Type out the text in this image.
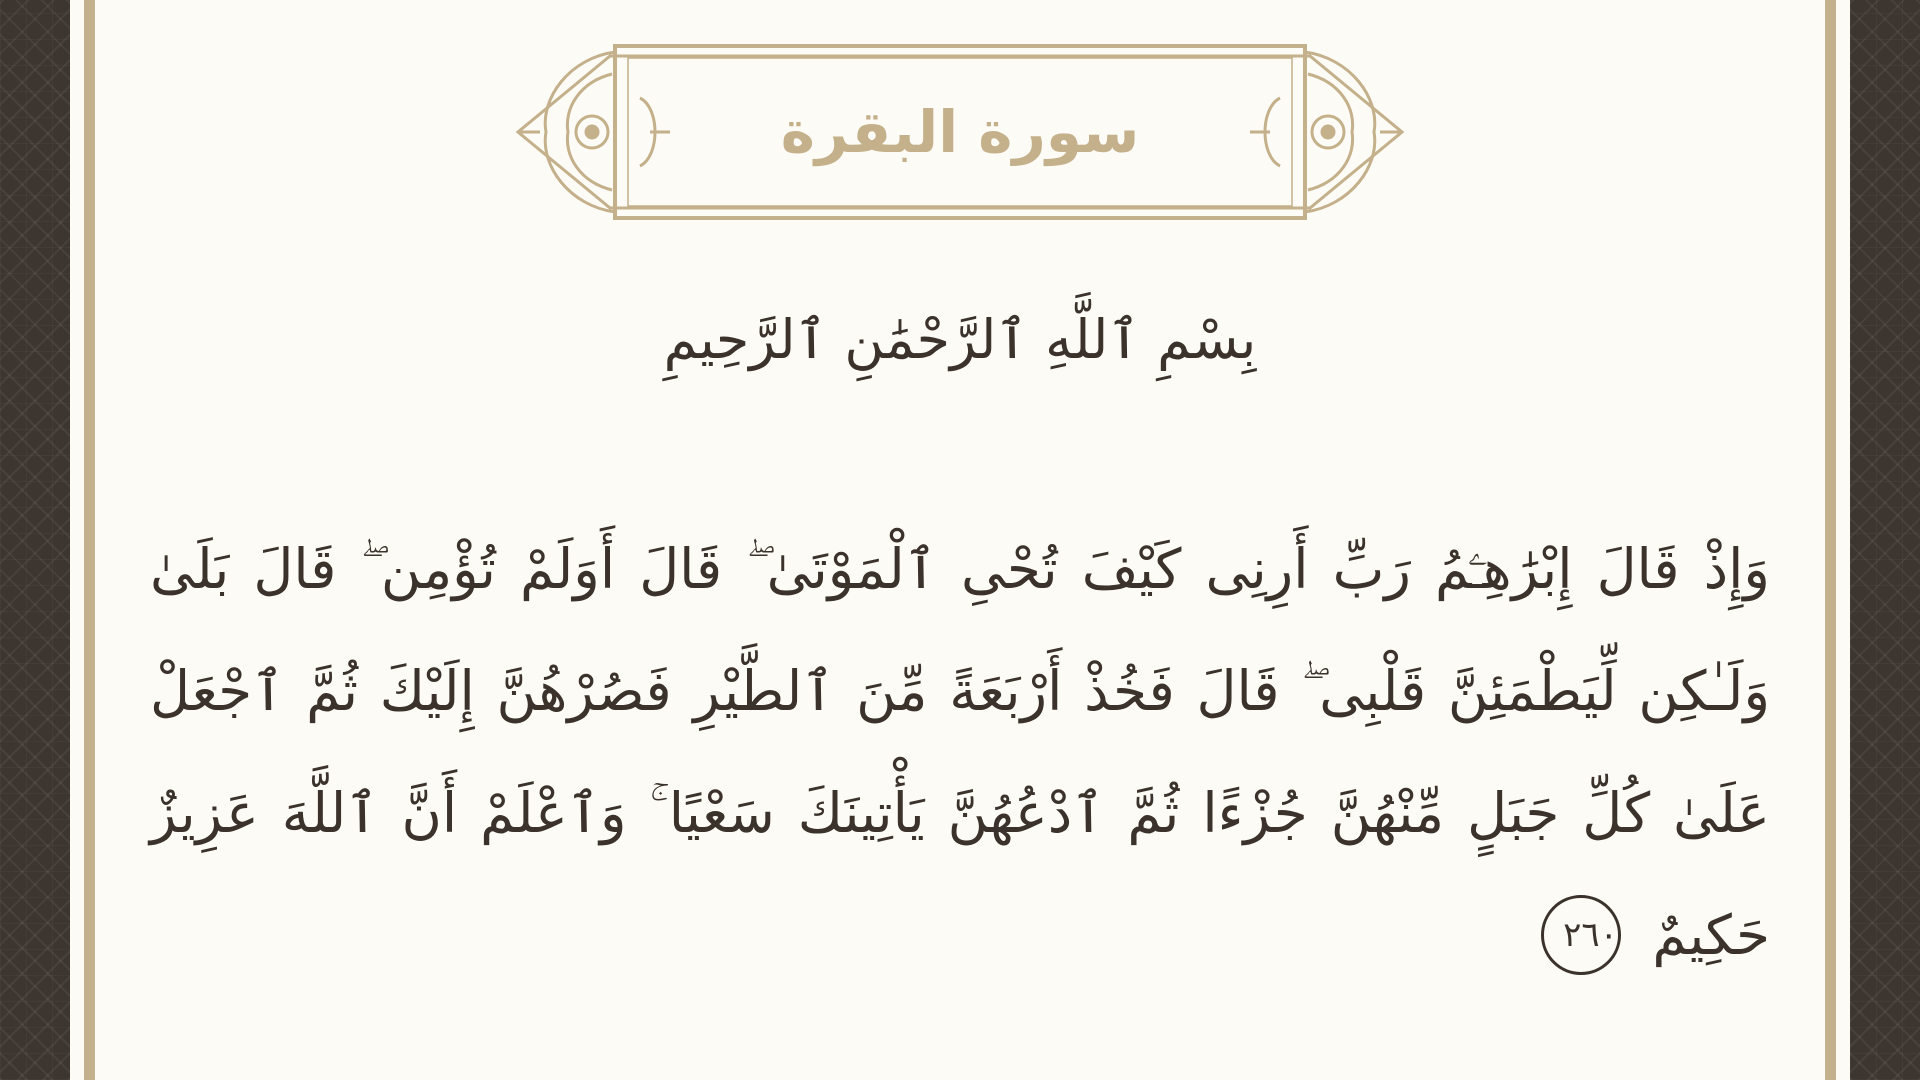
سورة البقرة
بِسْمِ ٱللَّهِ ٱلرَّحْمَٰنِ ٱلرَّحِيمِ
وَإِذْ قَالَ إِبْرَٰهِـۧمُ رَبِّ أَرِنِى كَيْفَ تُحْىِ ٱلْمَوْتَىٰ ۖ قَالَ أَوَلَمْ تُؤْمِن ۖ قَالَ بَلَىٰ وَلَـٰكِن لِّيَطْمَئِنَّ قَلْبِى ۖ قَالَ فَخُذْ أَرْبَعَةً مِّنَ ٱلطَّيْرِ فَصُرْهُنَّ إِلَيْكَ ثُمَّ ٱجْعَلْ عَلَىٰ كُلِّ جَبَلٍ مِّنْهُنَّ جُزْءًا ثُمَّ ٱدْعُهُنَّ يَأْتِينَكَ سَعْيًا ۚ وَٱعْلَمْ أَنَّ ٱللَّهَ عَزِيزٌ حَكِيمٌ ٢٦٠
